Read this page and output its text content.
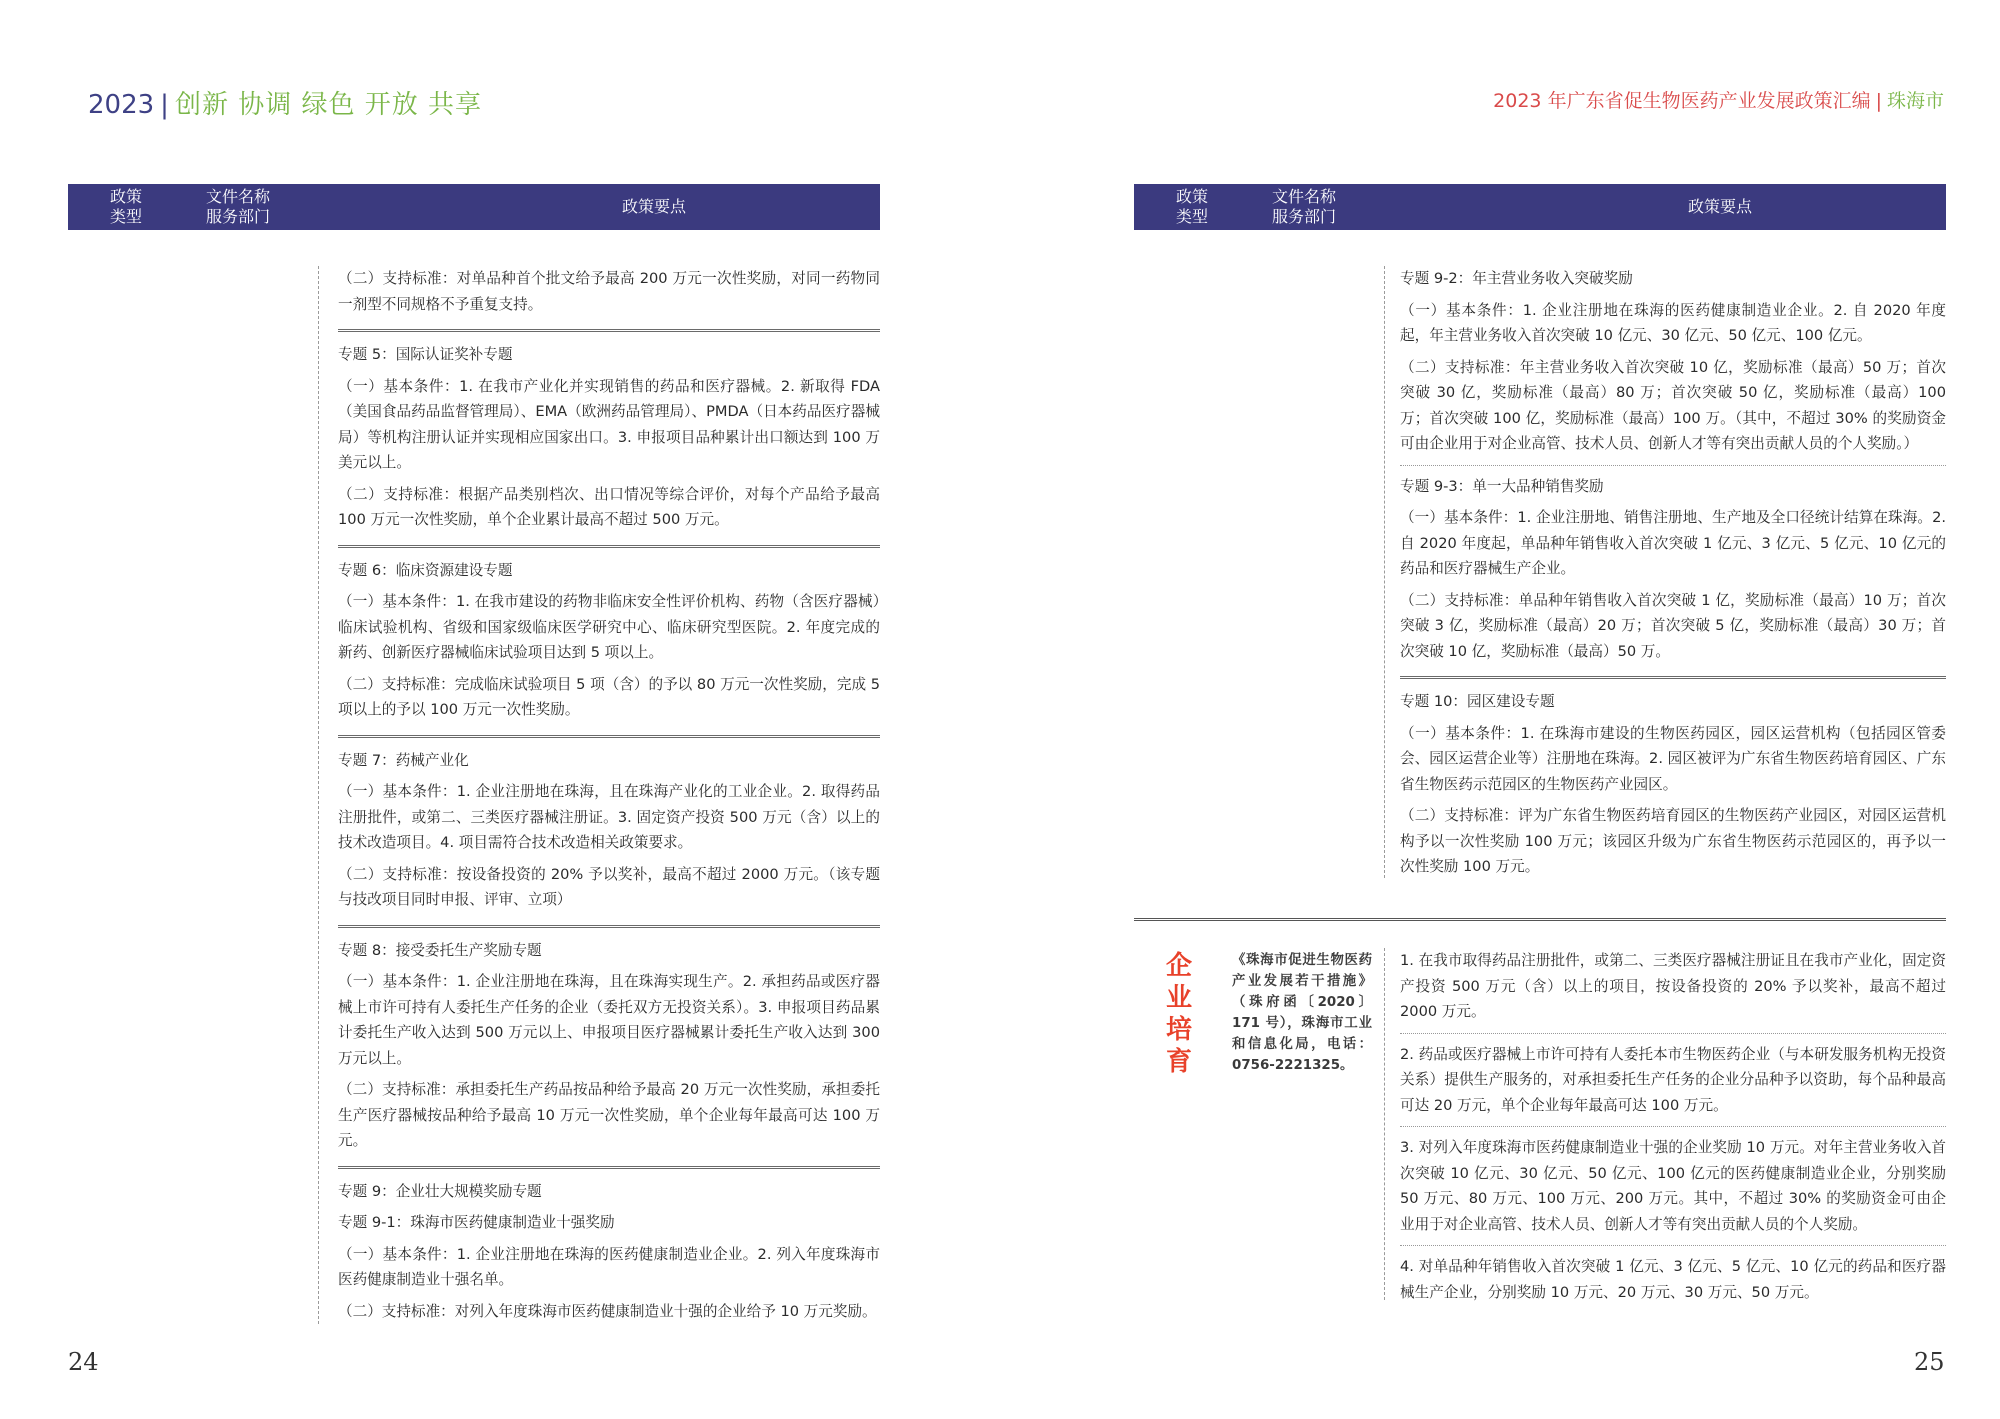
2023 | 创新 协调 绿色 开放 共享	2023 年广东省促生物医药产业发展政策汇编 | 珠海市
政策
类型
文件名称
服务部门
政策要点
政策
类型
文件名称
服务部门
政策要点
（二）支持标准：对单品种首个批文给予最高 200 万元一次性奖励，对同一药物同一剂型不同规格不予重复支持。
专题 5：国际认证奖补专题
（一）基本条件：1. 在我市产业化并实现销售的药品和医疗器械。2. 新取得 FDA（美国食品药品监督管理局）、EMA（欧洲药品管理局）、PMDA（日本药品医疗器械局）等机构注册认证并实现相应国家出口。3. 申报项目品种累计出口额达到 100 万美元以上。
（二）支持标准：根据产品类别档次、出口情况等综合评价，对每个产品给予最高 100 万元一次性奖励，单个企业累计最高不超过 500 万元。
专题 6：临床资源建设专题
（一）基本条件：1. 在我市建设的药物非临床安全性评价机构、药物（含医疗器械）临床试验机构、省级和国家级临床医学研究中心、临床研究型医院。2. 年度完成的新药、创新医疗器械临床试验项目达到 5 项以上。
（二）支持标准：完成临床试验项目 5 项（含）的予以 80 万元一次性奖励，完成 5 项以上的予以 100 万元一次性奖励。
专题 7：药械产业化
（一）基本条件：1. 企业注册地在珠海，且在珠海产业化的工业企业。2. 取得药品注册批件，或第二、三类医疗器械注册证。3. 固定资产投资 500 万元（含）以上的技术改造项目。4. 项目需符合技术改造相关政策要求。
（二）支持标准：按设备投资的 20% 予以奖补，最高不超过 2000 万元。（该专题与技改项目同时申报、评审、立项）
专题 8：接受委托生产奖励专题
（一）基本条件：1. 企业注册地在珠海，且在珠海实现生产。2. 承担药品或医疗器械上市许可持有人委托生产任务的企业（委托双方无投资关系）。3. 申报项目药品累计委托生产收入达到 500 万元以上、申报项目医疗器械累计委托生产收入达到 300 万元以上。
（二）支持标准：承担委托生产药品按品种给予最高 20 万元一次性奖励，承担委托生产医疗器械按品种给予最高 10 万元一次性奖励，单个企业每年最高可达 100 万元。
专题 9：企业壮大规模奖励专题
专题 9-1：珠海市医药健康制造业十强奖励
（一）基本条件：1. 企业注册地在珠海的医药健康制造业企业。2. 列入年度珠海市医药健康制造业十强名单。
（二）支持标准：对列入年度珠海市医药健康制造业十强的企业给予 10 万元奖励。
专题 9-2：年主营业务收入突破奖励
（一）基本条件：1. 企业注册地在珠海的医药健康制造业企业。2. 自 2020 年度起，年主营业务收入首次突破 10 亿元、30 亿元、50 亿元、100 亿元。
（二）支持标准：年主营业务收入首次突破 10 亿，奖励标准（最高）50 万；首次突破 30 亿，奖励标准（最高）80 万；首次突破 50 亿，奖励标准（最高）100 万；首次突破 100 亿，奖励标准（最高）100 万。（其中，不超过 30% 的奖励资金可由企业用于对企业高管、技术人员、创新人才等有突出贡献人员的个人奖励。）
专题 9-3：单一大品种销售奖励
（一）基本条件：1. 企业注册地、销售注册地、生产地及全口径统计结算在珠海。2. 自 2020 年度起，单品种年销售收入首次突破 1 亿元、3 亿元、5 亿元、10 亿元的药品和医疗器械生产企业。
（二）支持标准：单品种年销售收入首次突破 1 亿，奖励标准（最高）10 万；首次突破 3 亿，奖励标准（最高）20 万；首次突破 5 亿，奖励标准（最高）30 万；首次突破 10 亿，奖励标准（最高）50 万。
专题 10：园区建设专题
（一）基本条件：1. 在珠海市建设的生物医药园区，园区运营机构（包括园区管委会、园区运营企业等）注册地在珠海。2. 园区被评为广东省生物医药培育园区、广东省生物医药示范园区的生物医药产业园区。
（二）支持标准：评为广东省生物医药培育园区的生物医药产业园区，对园区运营机构予以一次性奖励 100 万元；该园区升级为广东省生物医药示范园区的，再予以一次性奖励 100 万元。
企业培育
《珠海市促进生物医药产业发展若干措施》（珠府函〔2020〕171 号），珠海市工业和信息化局，电话：0756-2221325。
1. 在我市取得药品注册批件，或第二、三类医疗器械注册证且在我市产业化，固定资产投资 500 万元（含）以上的项目，按设备投资的 20% 予以奖补，最高不超过 2000 万元。
2. 药品或医疗器械上市许可持有人委托本市生物医药企业（与本研发服务机构无投资关系）提供生产服务的，对承担委托生产任务的企业分品种予以资助，每个品种最高可达 20 万元，单个企业每年最高可达 100 万元。
3. 对列入年度珠海市医药健康制造业十强的企业奖励 10 万元。对年主营业务收入首次突破 10 亿元、30 亿元、50 亿元、100 亿元的医药健康制造业企业，分别奖励 50 万元、80 万元、100 万元、200 万元。其中，不超过 30% 的奖励资金可由企业用于对企业高管、技术人员、创新人才等有突出贡献人员的个人奖励。
4. 对单品种年销售收入首次突破 1 亿元、3 亿元、5 亿元、10 亿元的药品和医疗器械生产企业，分别奖励 10 万元、20 万元、30 万元、50 万元。
24	25
